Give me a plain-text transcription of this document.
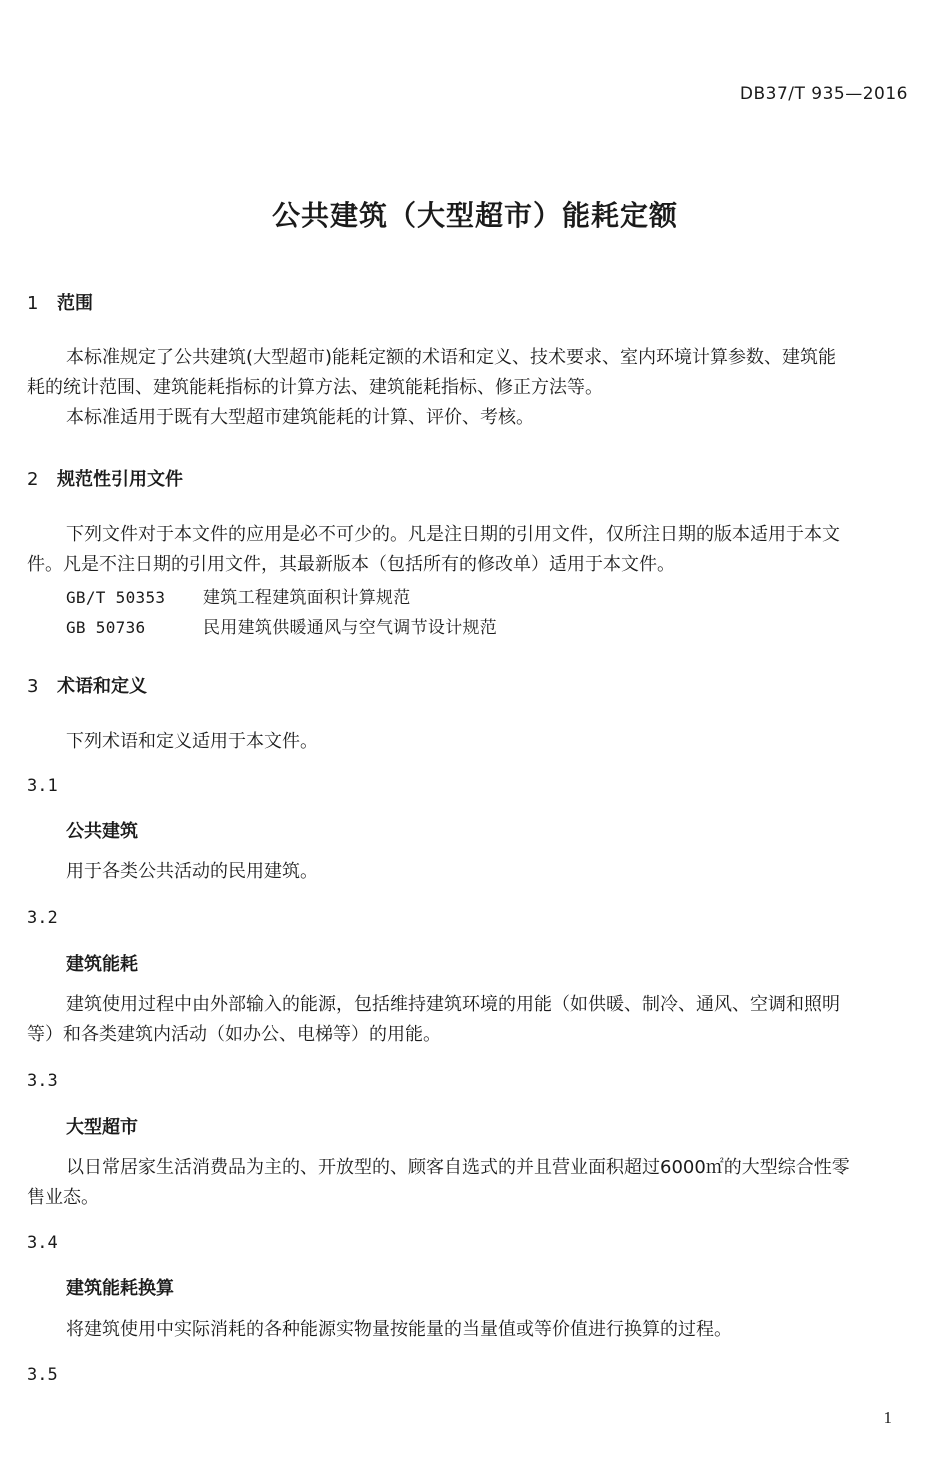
DB37/T 935—2016
公共建筑（大型超市）能耗定额
1 范围
本标准规定了公共建筑(大型超市)能耗定额的术语和定义、技术要求、室内环境计算参数、建筑能
耗的统计范围、建筑能耗指标的计算方法、建筑能耗指标、修正方法等。
本标准适用于既有大型超市建筑能耗的计算、评价、考核。
2 规范性引用文件
下列文件对于本文件的应用是必不可少的。凡是注日期的引用文件，仅所注日期的版本适用于本文
件。凡是不注日期的引用文件，其最新版本（包括所有的修改单）适用于本文件。
GB/T 50353 建筑工程建筑面积计算规范
GB 50736	民用建筑供暖通风与空气调节设计规范
3 术语和定义
下列术语和定义适用于本文件。
3.1
公共建筑
用于各类公共活动的民用建筑。
3.2
建筑能耗
建筑使用过程中由外部输入的能源，包括维持建筑环境的用能（如供暖、制冷、通风、空调和照明
等）和各类建筑内活动（如办公、电梯等）的用能。
3.3
大型超市
以日常居家生活消费品为主的、开放型的、顾客自选式的并且营业面积超过6000㎡的大型综合性零
售业态。
3.4
建筑能耗换算
将建筑使用中实际消耗的各种能源实物量按能量的当量值或等价值进行换算的过程。
3.5
1
